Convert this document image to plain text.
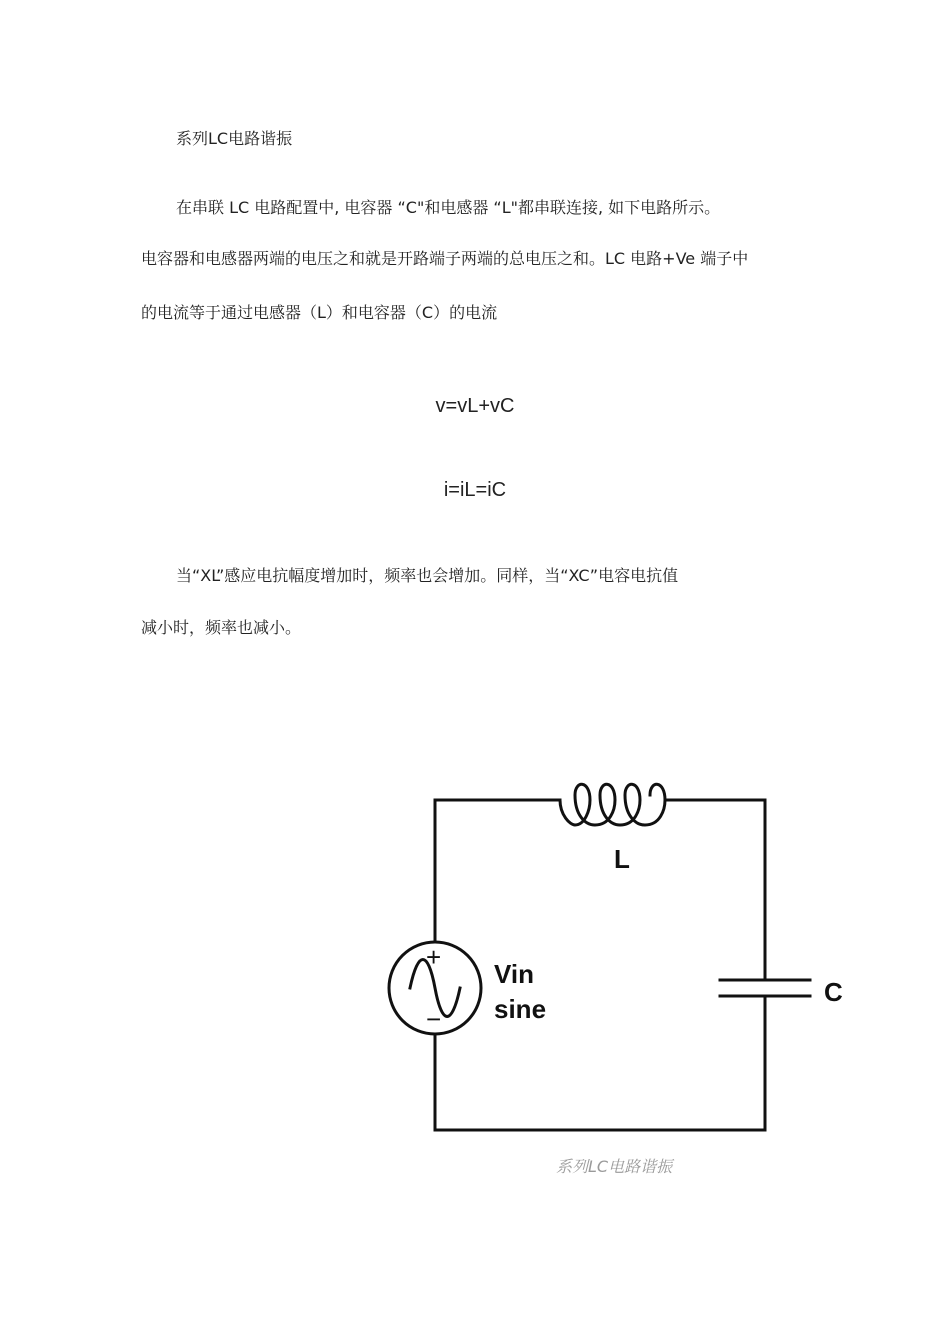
系列LC电路谐振
在串联 LC 电路配置中, 电容器 “C"和电感器 “L"都串联连接, 如下电路所示。
电容器和电感器两端的电压之和就是开路端子两端的总电压之和。LC 电路+Ve 端子中
的电流等于通过电感器（L）和电容器（C）的电流
v=vL+vC
i=iL=iC
当“XL”感应电抗幅度增加时，频率也会增加。同样，当“XC”电容电抗值
减小时，频率也减小。
+
−
L
C
Vin
sine
系列LC电路谐振
